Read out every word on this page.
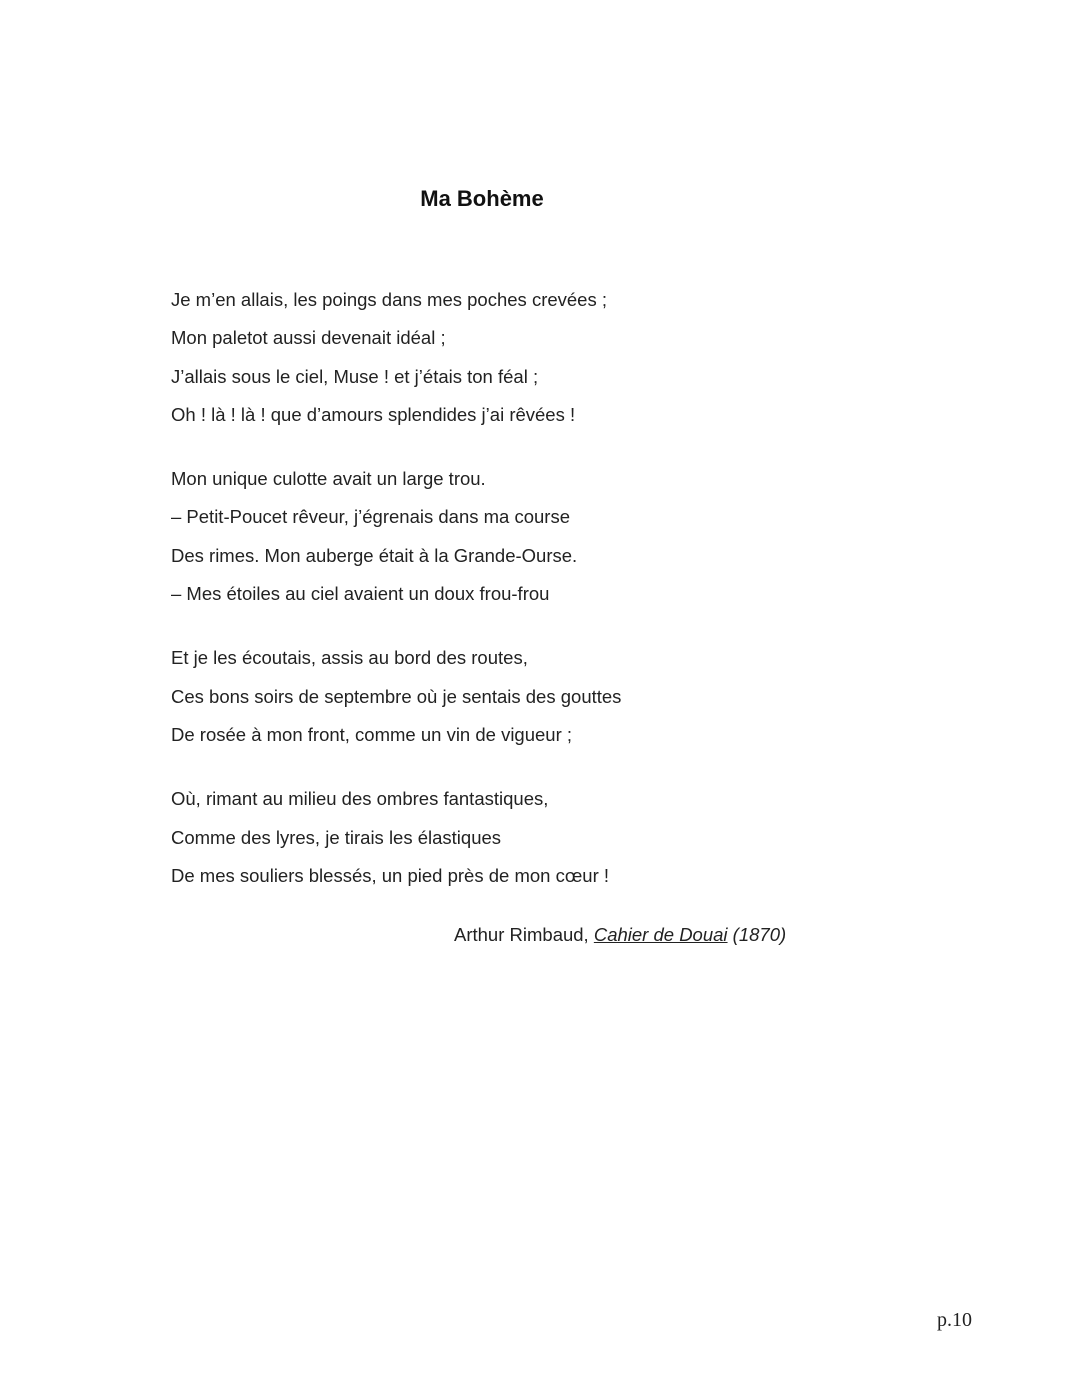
Ma Bohème
Je m’en allais, les poings dans mes poches crevées ;
Mon paletot aussi devenait idéal ;
J’allais sous le ciel, Muse ! et j’étais ton féal ;
Oh ! là ! là ! que d’amours splendides j’ai rêvées !
Mon unique culotte avait un large trou.
– Petit-Poucet rêveur, j’égrenais dans ma course
Des rimes. Mon auberge était à la Grande-Ourse.
– Mes étoiles au ciel avaient un doux frou-frou
Et je les écoutais, assis au bord des routes,
Ces bons soirs de septembre où je sentais des gouttes
De rosée à mon front, comme un vin de vigueur ;
Où, rimant au milieu des ombres fantastiques,
Comme des lyres, je tirais les élastiques
De mes souliers blessés, un pied près de mon cœur !
Arthur Rimbaud, Cahier de Douai (1870)
p.10
